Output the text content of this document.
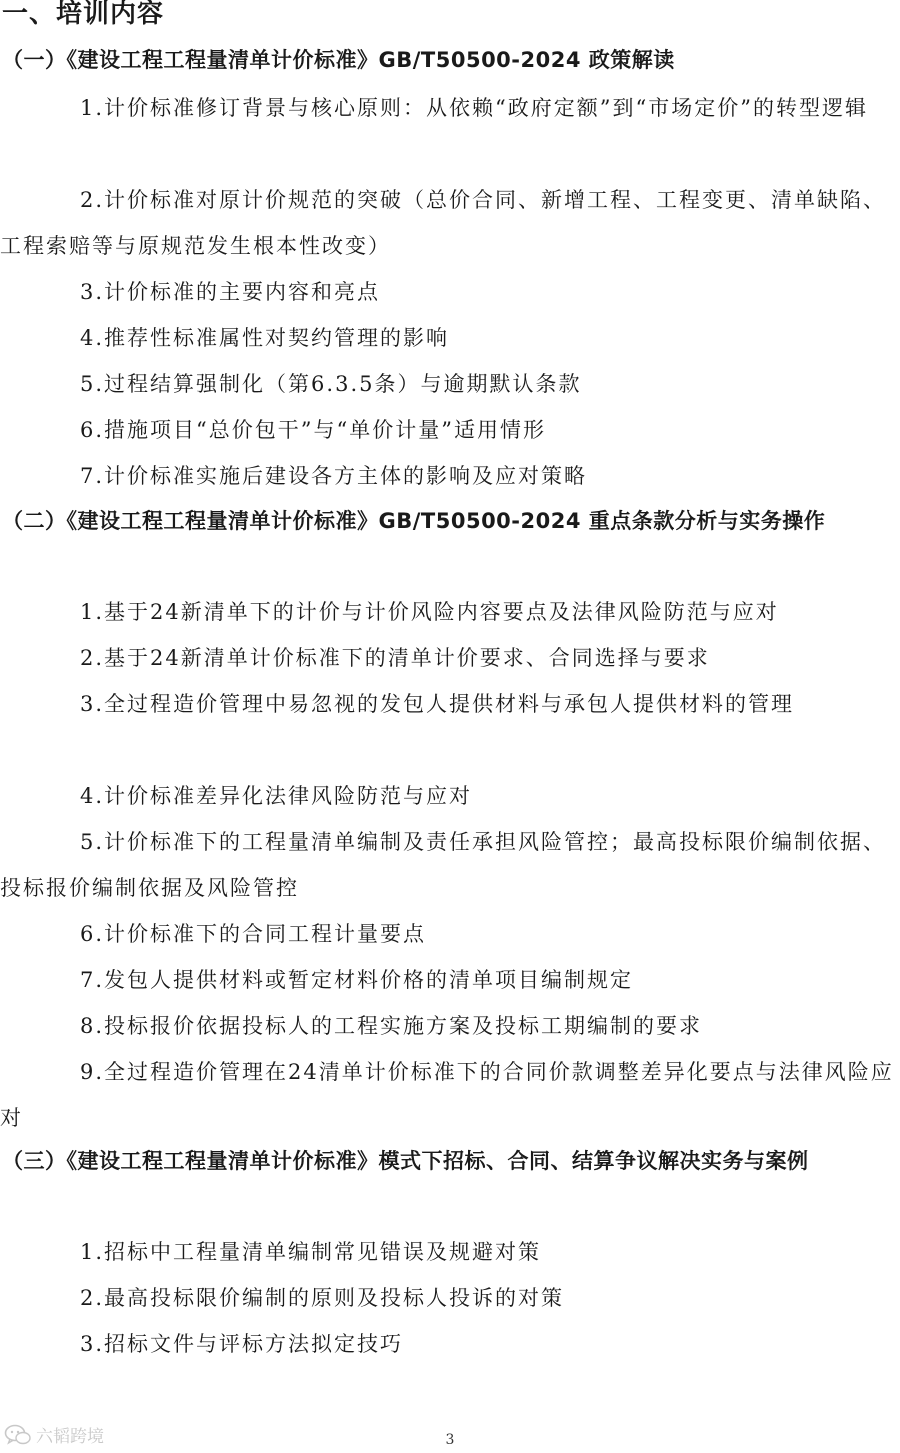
一、培训内容
（一）《建设工程工程量清单计价标准》GB/T50500-2024 政策解读
1.计价标准修订背景与核心原则：从依赖“政府定额”到“市场定价”的转型逻辑
2.计价标准对原计价规范的突破（总价合同、新增工程、工程变更、清单缺陷、工程索赔等与原规范发生根本性改变）
3.计价标准的主要内容和亮点
4.推荐性标准属性对契约管理的影响
5.过程结算强制化（第6.3.5条）与逾期默认条款
6.措施项目“总价包干”与“单价计量”适用情形
7.计价标准实施后建设各方主体的影响及应对策略
（二）《建设工程工程量清单计价标准》GB/T50500-2024 重点条款分析与实务操作
1.基于24新清单下的计价与计价风险内容要点及法律风险防范与应对
2.基于24新清单计价标准下的清单计价要求、合同选择与要求
3.全过程造价管理中易忽视的发包人提供材料与承包人提供材料的管理
4.计价标准差异化法律风险防范与应对
5.计价标准下的工程量清单编制及责任承担风险管控；最高投标限价编制依据、投标报价编制依据及风险管控
6.计价标准下的合同工程计量要点
7.发包人提供材料或暂定材料价格的清单项目编制规定
8.投标报价依据投标人的工程实施方案及投标工期编制的要求
9.全过程造价管理在24清单计价标准下的合同价款调整差异化要点与法律风险应对
（三）《建设工程工程量清单计价标准》模式下招标、合同、结算争议解决实务与案例
1.招标中工程量清单编制常见错误及规避对策
2.最高投标限价编制的原则及投标人投诉的对策
3.招标文件与评标方法拟定技巧
六韬跨境	3
